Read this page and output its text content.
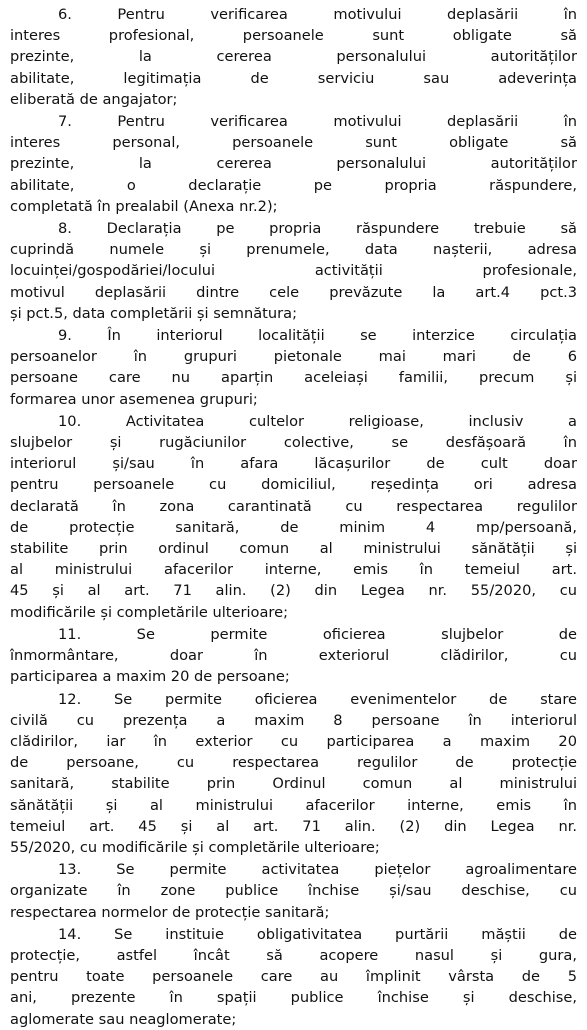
6. Pentru verificarea motivului deplasării în
interes profesional, persoanele sunt obligate să
prezinte, la cererea personalului autorităților
abilitate, legitimația de serviciu sau adeverința
eliberată de angajator;
7. Pentru verificarea motivului deplasării în
interes personal, persoanele sunt obligate să
prezinte, la cererea personalului autorităților
abilitate, o declarație pe propria răspundere,
completată în prealabil (Anexa nr.2);
8. Declarația pe propria răspundere trebuie să
cuprindă numele și prenumele, data nașterii, adresa
locuinței/gospodăriei/locului activității profesionale,
motivul deplasării dintre cele prevăzute la art.4 pct.3
și pct.5, data completării și semnătura;
9. În interiorul localității se interzice circulația
persoanelor în grupuri pietonale mai mari de 6
persoane care nu aparțin aceleiași familii, precum și
formarea unor asemenea grupuri;
10. Activitatea cultelor religioase, inclusiv a
slujbelor și rugăciunilor colective, se desfășoară în
interiorul și/sau în afara lăcașurilor de cult doar
pentru persoanele cu domiciliul, reședința ori adresa
declarată în zona carantinată cu respectarea regulilor
de protecție sanitară, de minim 4 mp/persoană,
stabilite prin ordinul comun al ministrului sănătății și
al ministrului afacerilor interne, emis în temeiul art.
45 și al art. 71 alin. (2) din Legea nr. 55/2020, cu
modificările și completările ulterioare;
11. Se permite oficierea slujbelor de
înmormântare, doar în exteriorul clădirilor, cu
participarea a maxim 20 de persoane;
12. Se permite oficierea evenimentelor de stare
civilă cu prezența a maxim 8 persoane în interiorul
clădirilor, iar în exterior cu participarea a maxim 20
de persoane, cu respectarea regulilor de protecție
sanitară, stabilite prin Ordinul comun al ministrului
sănătății și al ministrului afacerilor interne, emis în
temeiul art. 45 și al art. 71 alin. (2) din Legea nr.
55/2020, cu modificările și completările ulterioare;
13. Se permite activitatea piețelor agroalimentare
organizate în zone publice închise și/sau deschise, cu
respectarea normelor de protecție sanitară;
14. Se instituie obligativitatea purtării măștii de
protecție, astfel încât să acopere nasul și gura,
pentru toate persoanele care au împlinit vârsta de 5
ani, prezente în spații publice închise și deschise,
aglomerate sau neaglomerate;
